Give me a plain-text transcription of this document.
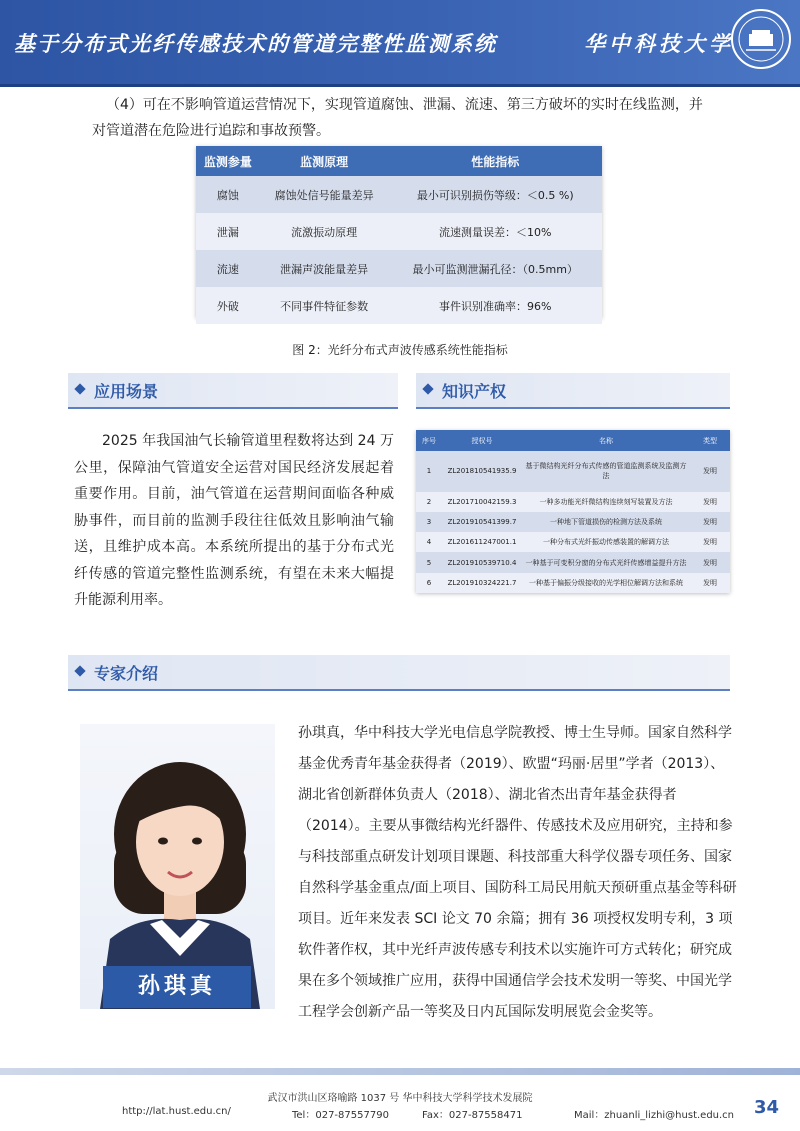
基于分布式光纤传感技术的管道完整性监测系统	华中科技大学
（4）可在不影响管道运营情况下，实现管道腐蚀、泄漏、流速、第三方破坏的实时在线监测，并对管道潜在危险进行追踪和事故预警。
监测参量	监测原理	性能指标
腐蚀	腐蚀处信号能量差异	最小可识别损伤等级：＜0.5 %)
泄漏	流激振动原理	流速测量误差：＜10%
流速	泄漏声波能量差异	最小可监测泄漏孔径：（0.5mm）
外破	不同事件特征参数	事件识别准确率：96%
图 2：光纤分布式声波传感系统性能指标
应用场景	知识产权
2025 年我国油气长输管道里程数将达到 24 万公里，保障油气管道安全运营对国民经济发展起着重要作用。目前，油气管道在运营期间面临各种威胁事件，而目前的监测手段往往低效且影响油气输送，且维护成本高。本系统所提出的基于分布式光纤传感的管道完整性监测系统，有望在未来大幅提升能源利用率。
序号	授权号	名称	类型
1	ZL201810541935.9	基于微结构光纤分布式传感的管道监测系统及监测方法	发明
2	ZL201710042159.3	一种多功能光纤微结构连续刻写装置及方法	发明
3	ZL201910541399.7	一种地下管道损伤的检测方法及系统	发明
4	ZL201611247001.1	一种分布式光纤振动传感装置的解调方法	发明
5	ZL201910539710.4	一种基于可变积分窗的分布式光纤传感增益提升方法	发明
6	ZL201910324221.7	一种基于偏振分级接收的光学相位解调方法和系统	发明
专家介绍
孙琪真
孙琪真，华中科技大学光电信息学院教授、博士生导师。国家自然科学基金优秀青年基金获得者（2019）、欧盟“玛丽·居里”学者（2013）、湖北省创新群体负责人（2018）、湖北省杰出青年基金获得者（2014）。主要从事微结构光纤器件、传感技术及应用研究，主持和参与科技部重点研发计划项目课题、科技部重大科学仪器专项任务、国家自然科学基金重点/面上项目、国防科工局民用航天预研重点基金等科研项目。近年来发表 SCI 论文 70 余篇；拥有 36 项授权发明专利，3 项软件著作权，其中光纤声波传感专利技术以实施许可方式转化；研究成果在多个领域推广应用，获得中国通信学会技术发明一等奖、中国光学工程学会创新产品一等奖及日内瓦国际发明展览会金奖等。
武汉市洪山区珞喻路 1037 号 华中科技大学科学技术发展院
http://lat.hust.edu.cn/	Tel：027-87557790	Fax：027-87558471	Mail：zhuanli_lizhi@hust.edu.cn 34
